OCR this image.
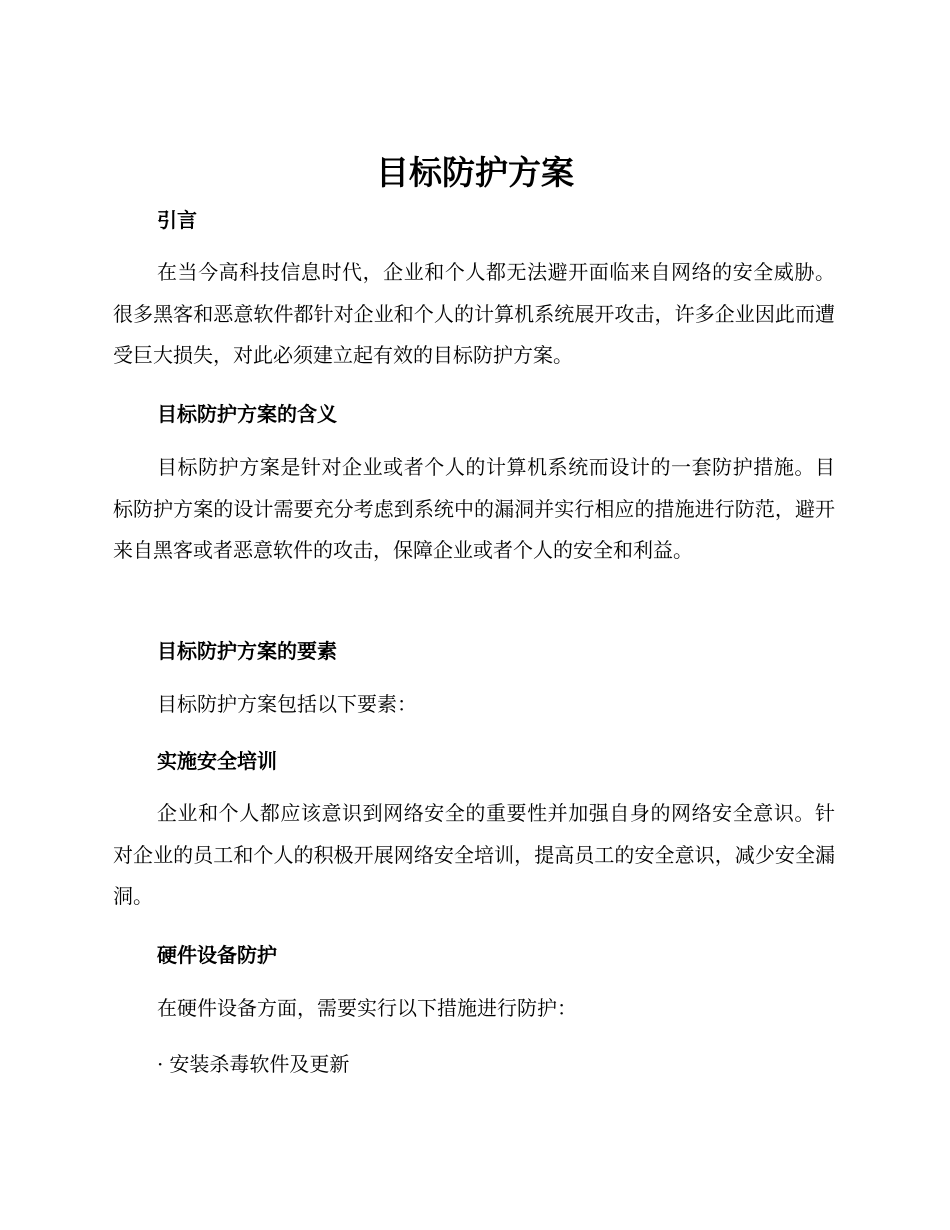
目标防护方案
引言

在当今高科技信息时代，企业和个人都无法避开面临来自网络的安全威胁。很多黑客和恶意软件都针对企业和个人的计算机系统展开攻击，许多企业因此而遭受巨大损失，对此必须建立起有效的目标防护方案。

目标防护方案的含义

目标防护方案是针对企业或者个人的计算机系统而设计的一套防护措施。目标防护方案的设计需要充分考虑到系统中的漏洞并实行相应的措施进行防范，避开来自黑客或者恶意软件的攻击，保障企业或者个人的安全和利益。

目标防护方案的要素

目标防护方案包括以下要素：

实施安全培训

企业和个人都应该意识到网络安全的重要性并加强自身的网络安全意识。针对企业的员工和个人的积极开展网络安全培训，提高员工的安全意识，减少安全漏洞。

硬件设备防护

在硬件设备方面，需要实行以下措施进行防护：

· 安装杀毒软件及更新
